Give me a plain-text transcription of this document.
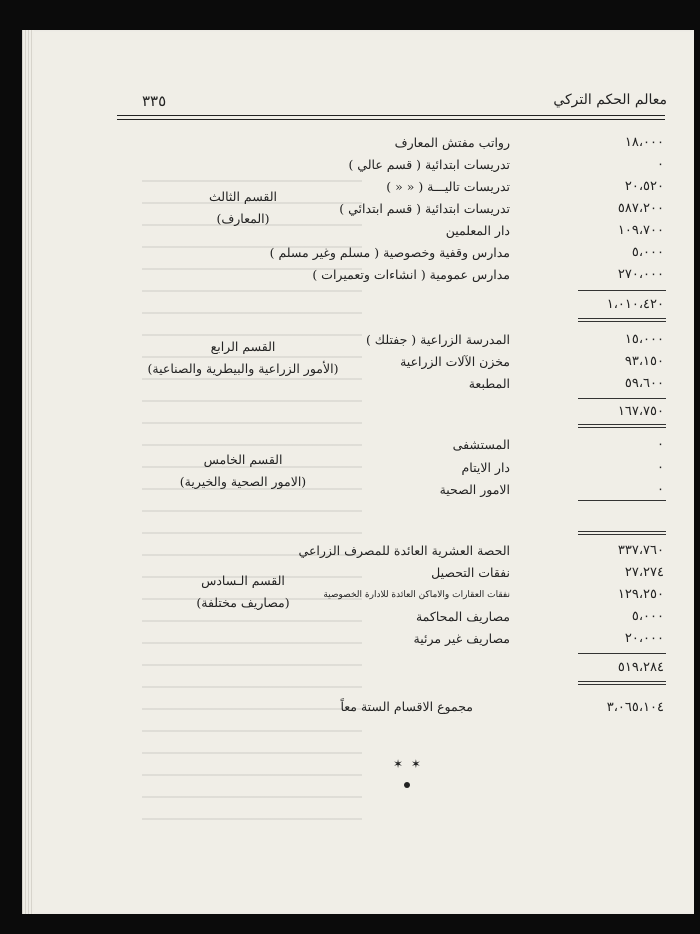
٣٣٥	معالم الحكم التركي
القسم الثالث
(المعارف)
رواتب مفتش المعارف	١٨،٠٠٠
تدريسات ابتدائية ( قسم عالي )	٠
تدريسات تاليـــة ( « « )	٢٠،٥٢٠
تدريسات ابتدائية ( قسم ابتدائي )	٥٨٧،٢٠٠
دار المعلمين	١٠٩،٧٠٠
مدارس وقفية وخصوصية ( مسلم وغير مسلم )	٥،٠٠٠
مدارس عمومية ( انشاءات وتعميرات )	٢٧٠،٠٠٠
١،٠١٠،٤٢٠
القسم الرابع
(الأمور الزراعية والبيطرية والصناعية)
المدرسة الزراعية ( جفتلك )	١٥،٠٠٠
مخزن الآلات الزراعية	٩٣،١٥٠
المطبعة	٥٩،٦٠٠
١٦٧،٧٥٠
القسم الخامس
(الامور الصحية والخيرية)
المستشفى	٠
دار الايتام	٠
الامور الصحية	٠
القسم الـسادس
(مصاريف مختلفة)
الحصة العشرية العائدة للمصرف الزراعي	٣٣٧،٧٦٠
نفقات التحصيل	٢٧،٢٧٤
نفقات العقارات والاماكن العائدة للادارة الخصوصية	١٢٩،٢٥٠
مصاريف المحاكمة	٥،٠٠٠
مصاريف غير مرئية	٢٠،٠٠٠
٥١٩،٢٨٤
مجموع الاقسام الستة معاً	٣،٠٦٥،١٠٤
✶ ✶
